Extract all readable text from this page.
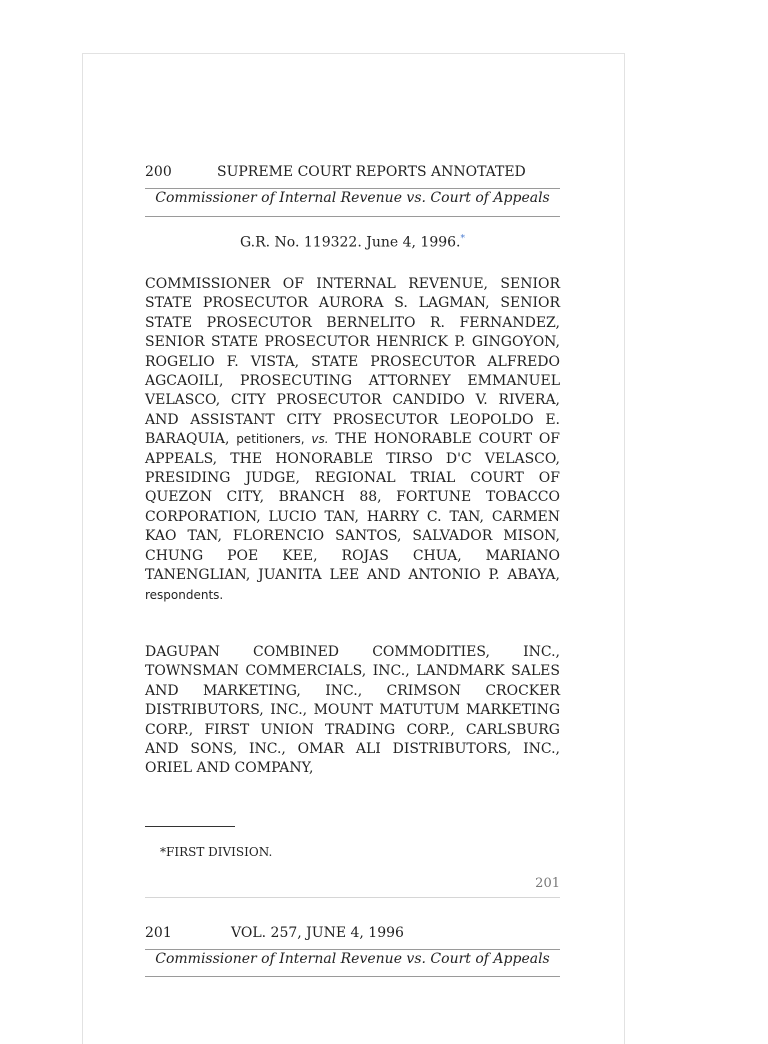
200	SUPREME COURT REPORTS ANNOTATED
Commissioner of Internal Revenue vs. Court of Appeals
G.R. No. 119322. June 4, 1996.*
COMMISSIONER OF INTERNAL REVENUE, SENIOR STATE PROSECUTOR AURORA S. LAGMAN, SENIOR STATE PROSECUTOR BERNELITO R. FERNANDEZ, SENIOR STATE PROSECUTOR HENRICK P. GINGOYON, ROGELIO F. VISTA, STATE PROSECUTOR ALFREDO AGCAOILI, PROSECUTING ATTORNEY EMMANUEL VELASCO, CITY PROSECUTOR CANDIDO V. RIVERA, AND ASSISTANT CITY PROSECUTOR LEOPOLDO E. BARAQUIA, petitioners, vs. THE HONORABLE COURT OF APPEALS, THE HONORABLE TIRSO D'C VELASCO, PRESIDING JUDGE, REGIONAL TRIAL COURT OF QUEZON CITY, BRANCH 88, FORTUNE TOBACCO CORPORATION, LUCIO TAN, HARRY C. TAN, CARMEN KAO TAN, FLORENCIO SANTOS, SALVADOR MISON, CHUNG POE KEE, ROJAS CHUA, MARIANO TANENGLIAN, JUANITA LEE AND ANTONIO P. ABAYA, respondents.
DAGUPAN COMBINED COMMODITIES, INC., TOWNSMAN COMMERCIALS, INC., LANDMARK SALES AND MARKETING, INC., CRIMSON CROCKER DISTRIBUTORS, INC., MOUNT MATUTUM MARKETING CORP., FIRST UNION TRADING CORP., CARLSBURG AND SONS, INC., OMAR ALI DISTRIBUTORS, INC., ORIEL AND COMPANY,
*FIRST DIVISION.
201
VOL. 257, JUNE 4, 1996
201
Commissioner of Internal Revenue vs. Court of Appeals
